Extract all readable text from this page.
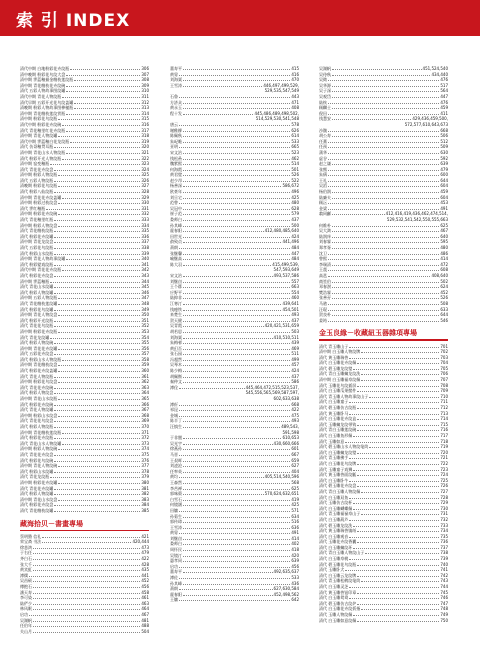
索 引 INDEX
清代中期 白地粉彩花卉纹瓶	306
清中晚期 粉彩花鸟纹大盘	307
清中期 霁蓝釉描金缠枝莲纹瓶	308
清中期 青花缠枝花卉纹碗	309
清代 五彩人物故事图纹罐	310
清代中期 青花人物纹瓶	311
清代早期 五彩开光花鸟纹盖罐	312
清晚期 粉彩人物故事图棒槌瓶	313
清中期 青花缠枝莲纹赏瓶	314
清中期 粉彩花鸟纹瓶	315
清代中期 粉彩花卉纹碗	316
清代 青花釉里红花卉纹瓶	317
清中期 青花人物纹罐	318
清代中期 霁蓝釉白花龙纹瓶	319
清代 仿哥釉贯耳瓶	320
清中期 青花山水人物纹瓶	321
清代 粉彩开光人物纹瓶	322
清中期 窑变釉瓶	323
清代 青花花卉纹盘	324
清中期 粉彩人物纹瓶	325
清代 五彩人物纹瓶	326
清晚期 粉彩花鸟纹瓶	327
清代 粉彩八仙纹瓶	328
清中期 青花花卉纹盖罐	329
清中期 粉彩过枝纹盘	330
清代 霁红釉瓶	331
清中期 粉彩花卉纹碗	332
清代 青花釉里红瓶	333
清中期 粉彩人物纹盘	334
清代 青花缠枝纹瓶	335
清代 粉彩花卉纹罐	336
清中期 青花龙纹盘	337
清代 五彩花鸟纹瓶	338
清代 粉彩山水纹瓶	339
清中期 青花人物故事纹罐	340
清代 粉彩婴戏纹瓶	341
清代中期 青花花卉纹瓶	342
清代 粉彩花卉纹盘	343
清中期 霁蓝釉瓶	344
清代 青花山水纹罐	345
清代 粉彩人物纹罐	346
清中期 五彩人物纹瓶	347
清代 青花缠枝莲纹罐	348
清代 粉彩花鸟纹罐	349
清中期 青花人物纹盘	350
清代 粉彩开光纹瓶	351
清代 青花花鸟纹瓶	352
清中期 粉彩花卉纹瓶	353
清代 青花龙纹罐	354
清代 粉彩人物纹碗	355
清中期 青花花卉纹罐	356
清代 五彩花卉纹盘	357
清代 粉彩山水人物纹瓶	358
清中期 青花缠枝纹盘	359
清代 粉彩花卉纹盖罐	360
清代 青花人物纹瓶	361
清中期 粉彩花鸟纹盘	362
清代 青花花卉纹碗	363
清代 粉彩人物纹盘	364
清中期 青花山水纹瓶	365
清代 粉彩花卉纹碗	366
清代 青花人物纹罐	367
清中期 粉彩山水纹盘	368
清代 青花花鸟纹盘	369
清代 粉彩人物纹瓶	370
清中期 青花缠枝莲纹瓶	371
清代 粉彩花卉纹瓶	372
清代 青花山水人物纹罐	373
清中期 粉彩人物纹碗	374
清代 青花花卉纹盘	375
清代 粉彩花鸟纹碗	376
清中期 青花人物纹碗	377
清代 粉彩山水纹罐	378
清代 青花龙纹瓶	379
清中期 粉彩花卉纹罐	380
清代 青花花卉纹罐	381
清代 粉彩人物纹罐	382
清中期 青花山水纹盘	383
清代 粉彩花卉纹盘	384
清代 青花缠枝纹罐	385
藏海拾贝－書畫專場
蔡明贊 信礼	421
荣宝斋 书法	420,444
徐悲鸿	473
于右任	479
齐白石	422
张大千	428
黄宾虹	435
溥儒	441
吴昌硕	452
傅抱石	456
潘天寿	458
李可染	461
陆俨少	463
林风眠	464
启功	467
吴湖帆	481
任伯年	488
关山月	504
董寿平	415
黄胄	416
刘海粟	470
王雪涛	446,497,499,529,
529,535,547,549
石鲁	443
方济众	471
黄永玉	408
程十发	445,486,489,498,502,
514,529,530,541,548
唐云	578
谢稚柳	626
陈佩秋	614
朱屺瞻	533
亚明	665
宋文治	523
钱松喦	462
魏紫熙	514
何海霞	501
黄君璧	526
赵少昂	522
杨善深	586,672
欧豪年	496
刘旦宅	425
范曾	480
吴冠中	628
崔子范	579
娄师白	437
孙其峰	500
霍春阳	412,480,485,640
田世光	424
俞致贞	441,496
萧朗	484
张继馨	447
喻继高	484
陈大羽	415,499,539,
547,593,649
宋文治	493,537,586
刘继卣	557
王个簃	663
应野平	554
陆抑非	460
江寒汀	439,641
钱瘦铁	454,501
来楚生	493
贺天健	437
吴青霞	420,421,531,659
胡若思	503
刘海粟	410,510,511
朱梅邨	439
黄幻吾	469
张石园	511
冯超然	499
吴琴木	457
陈少梅	424
胡佩衡	437
秦仲文	586
溥佺	445,464,472,515,523,537,
545,556,565,569,587,597,
602,633,638
溥伒	668
祁昆	422
金城	475
陈半丁	493
汪慎生	489,543,
591,598
于非闇	610,653
吴光宇	430,660,666
徐燕孙	601
马晋	667
王叔晖	659
刘凌沧	627
任率英	404
黄均	405,514,540,596
王森然	568
李苦禅	625
郭味蕖	570,624,632,651
白雪石	419
何镜涵	425
田镛	571
孙菊生	634
郭传璋	516
王雪涛	636
黄胄	491
刘继卣	414
娄师白	402
周怀民	418
吴镜汀	420
惠孝同	639
启功	456
董寿平	492,635,637
溥佐	533
孙其峰	436
萧朗	627,630,584
霍春阳	452,498,562
王镛	642
吴湖帆	451,524,540
吴待秋	434,440
吴徵	476
吴华源	517
吴子深	564
吴观岱	447
陆恢	476
顾麟士	459
倪田	411
钱慧安	429,436,459,500,
572,577,610,643,673
沙馥	668
胡公寿	506
任薰	512
任预	509
蒲华	630
虚谷	592
赵之谦	639
张熊	479
朱偁	600
王礼	644
吴滔	604
杨伯润	459
陆廉夫	604
顾沄	453
金梁	491
翁同龢	412,416,419,436,462,474,514,
529,532,541,542,550,555,663
何维朴	625
吴大澂	467
陆润庠	640
刘春霖	595
郑孝胥	480
沈卫	486
曾熙	414
李瑞清	472
王震	608
高邕	408,640
商笙伯	502
邓春澍	624
樊浩霖	452
张善孖	526
马骀	508
汪琨	633
贺良朴	644
姜筠	546
金玉良緣－收藏紐玉器雜項專場
清代 青玉雕山子	701
清中期 白玉雕人物纹牌	702
清代 黄玉雕瑞兽	703
清代 白玉雕花卉纹佩	704
清代 碧玉雕龙纹璧	705
清代 青白玉雕螭龙纹洗	706
清中期 白玉雕福寿纹佩	707
清代 玉雕花鸟纹插屏	708
清代 白玉雕瓜果摆件	709
清代 青玉雕人物故事纹山子	710
清代 白玉雕童子	711
清代 碧玉雕仿古纹瓶	712
清代 黄玉雕卧马	713
清代 白玉雕花卉纹盒	714
清代 玉雕螭龙纹带钩	715
清代 青白玉雕莲纹碗	716
清代 白玉雕鱼形佩	717
清代 玉雕如意	718
清代 碧玉雕山水人物纹笔筒	719
清代 白玉雕螭龙纹璧	720
清代 青玉雕佛手	721
清代 白玉雕花鸟纹牌	722
清代 玉雕童子戏狮	723
清代 黄玉雕兽面纹觚	724
清代 白玉雕卧牛	725
清代 碧玉雕花卉纹盘	726
清代 青白玉雕人物纹佩	727
清代 白玉雕双鱼	728
清代 玉雕仿古纹杯	729
清代 白玉雕蝴蝶佩	730
清代 青玉雕福禄寿山子	731
清代 白玉雕葫芦	732
清代 碧玉雕龙纹洗	733
清代 黄玉雕瑞兽镇纸	734
清代 白玉雕观音	735
清代 玉雕花卉纹香囊	736
清代 白玉雕螭纹环	737
清代 青白玉雕人物纹山子	738
清代 白玉雕寿桃	739
清代 碧玉雕花鸟纹瓶	740
清代 玉雕卧犬	741
清代 白玉雕云龙纹牌	742
清代 青玉雕松鹤纹笔筒	743
清代 白玉雕灵芝	744
清代 黄玉雕兽钮印章	745
清代 白玉雕鸳鸯	746
清代 碧玉雕仿古纹炉	747
清代 白玉雕花卉纹扳指	748
清代 玉雕人物纹佩	749
清代 白玉雕如意纹佩	750
